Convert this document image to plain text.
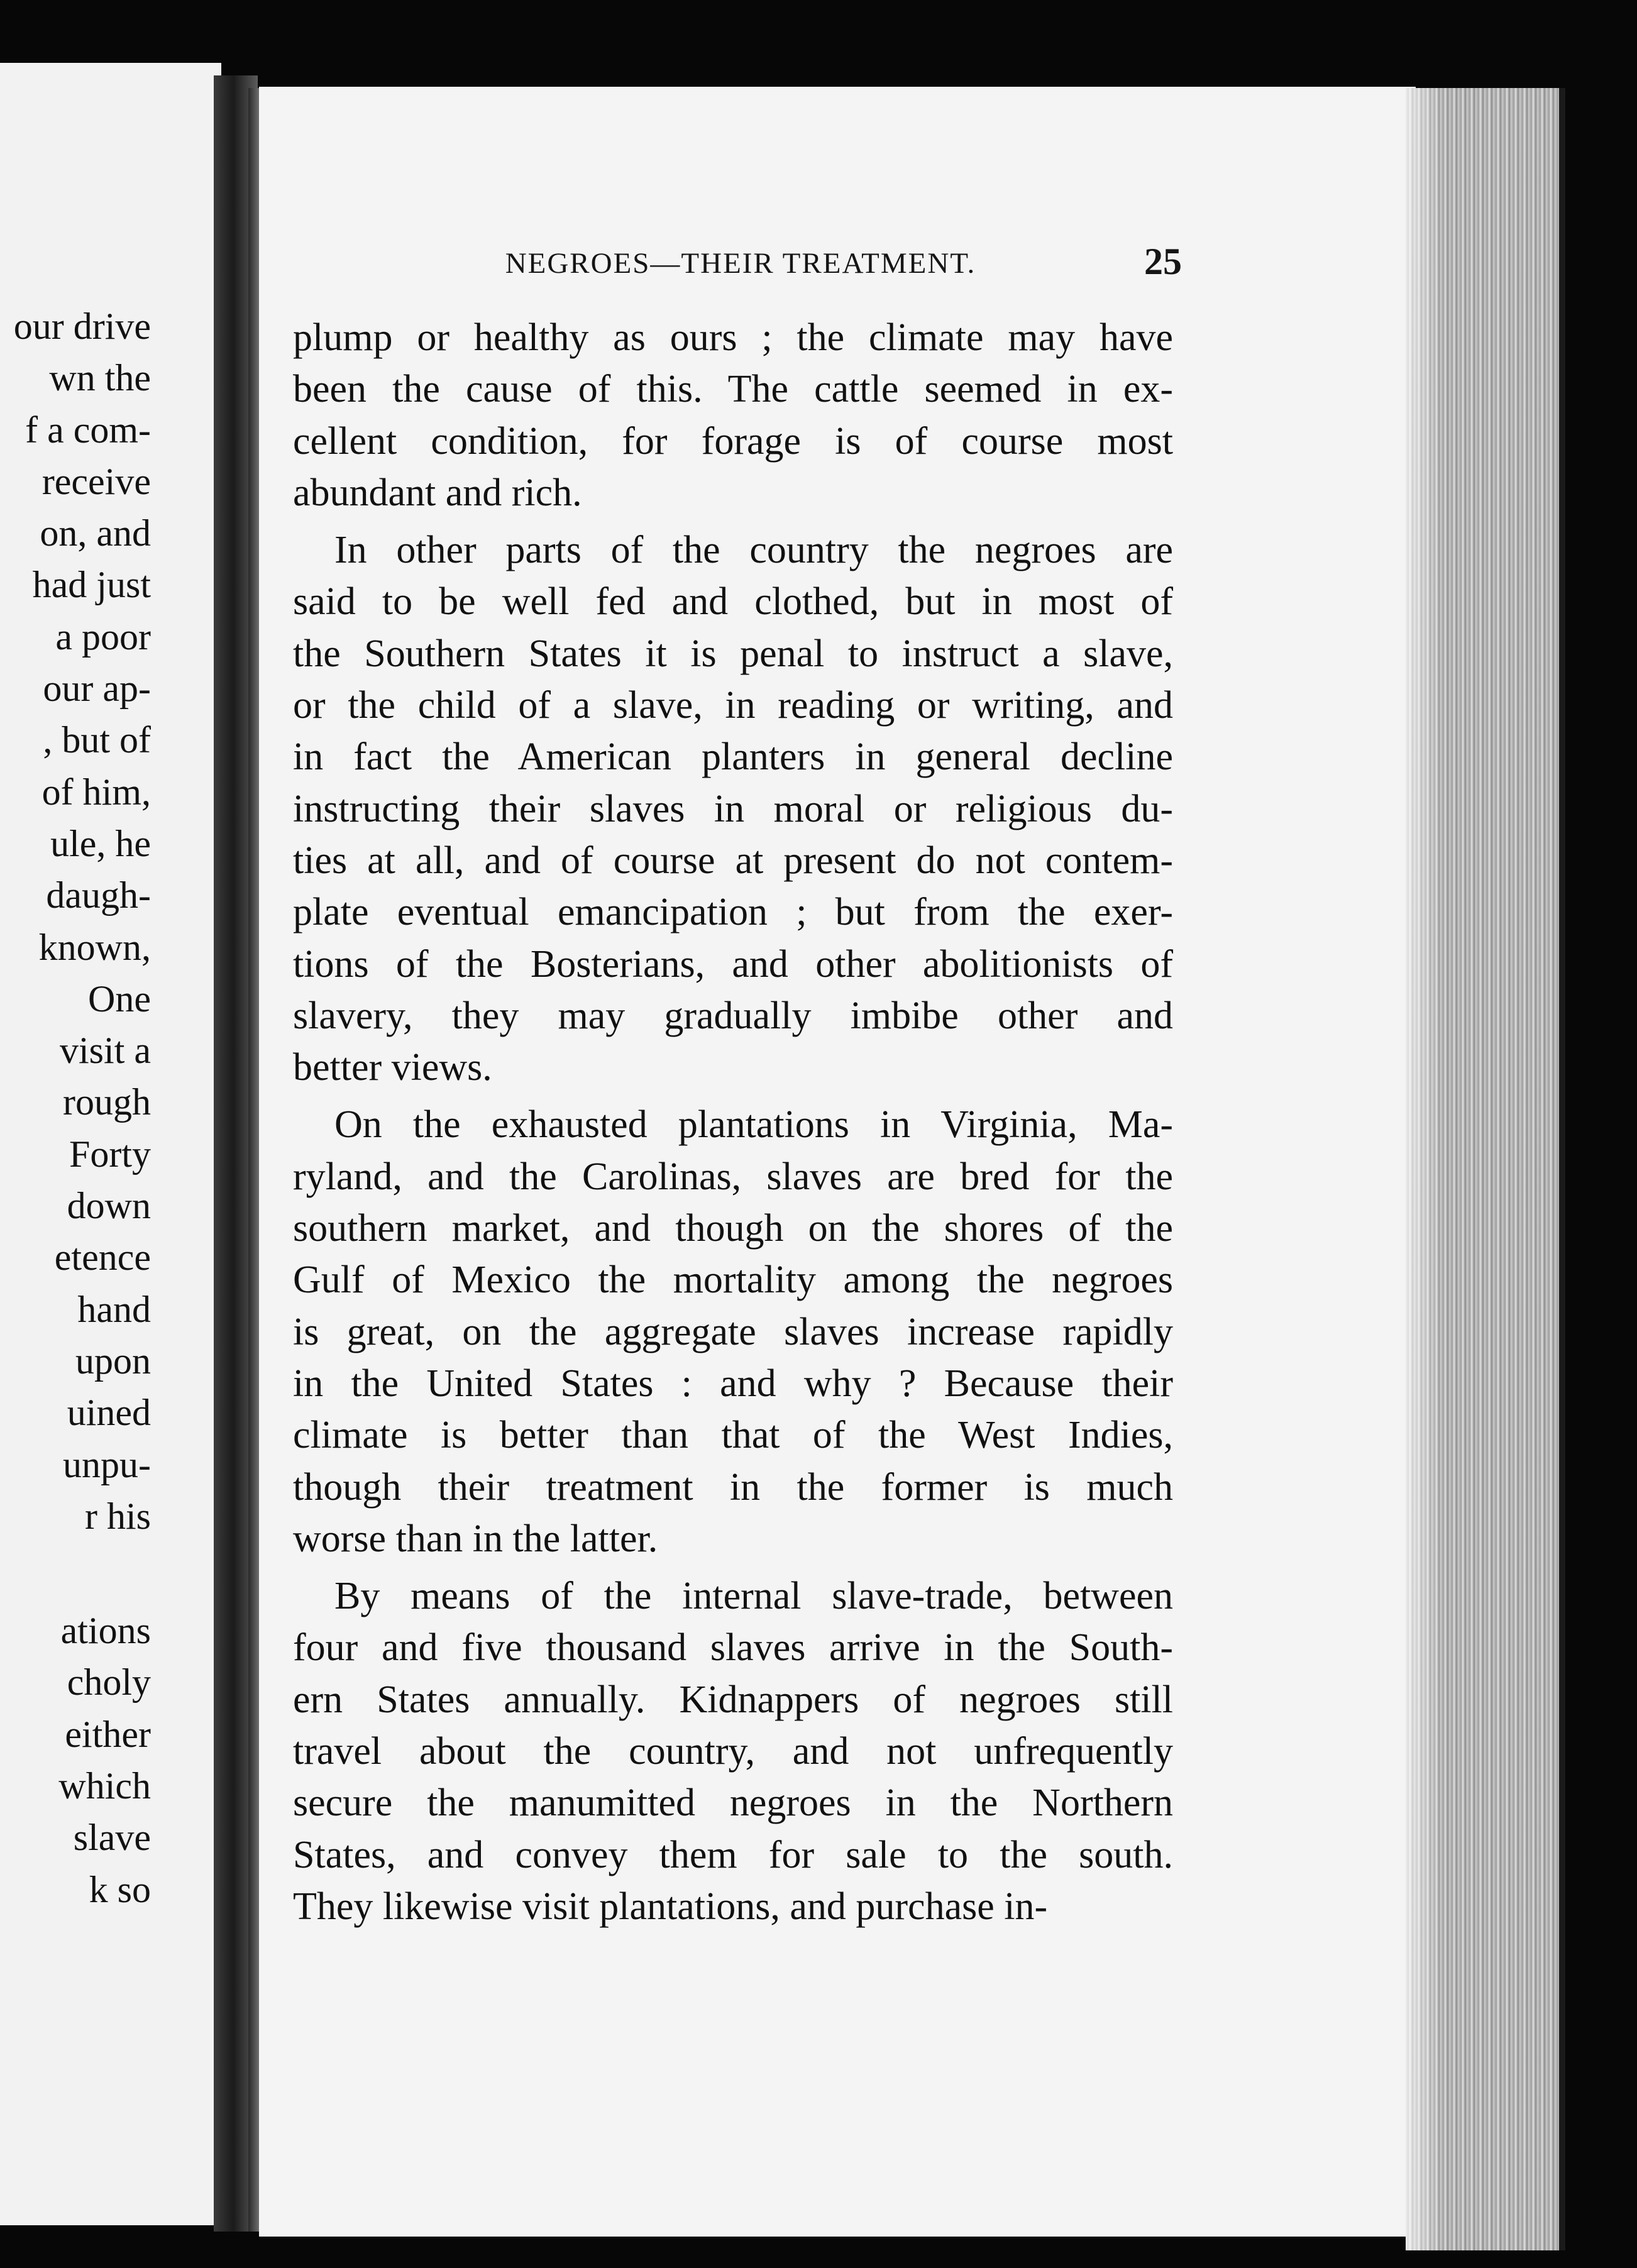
our drive
wn the
f a com-
receive
on, and
had just
a poor
our ap-
, but of
of him,
ule, he
daugh-
known,
One
visit a
rough
Forty
down
etence
hand
upon
uined
unpu-
r his
ations
choly
either
which
slave
k so
NEGROES—THEIR TREATMENT.	25
plump or healthy as ours ; the climate may have
been the cause of this. The cattle seemed in ex-
cellent condition, for forage is of course most
abundant and rich.
In other parts of the country the negroes are
said to be well fed and clothed, but in most of
the Southern States it is penal to instruct a slave,
or the child of a slave, in reading or writing, and
in fact the American planters in general decline
instructing their slaves in moral or religious du-
ties at all, and of course at present do not contem-
plate eventual emancipation ; but from the exer-
tions of the Bosterians, and other abolitionists of
slavery, they may gradually imbibe other and
better views.
On the exhausted plantations in Virginia, Ma-
ryland, and the Carolinas, slaves are bred for the
southern market, and though on the shores of the
Gulf of Mexico the mortality among the negroes
is great, on the aggregate slaves increase rapidly
in the United States : and why ? Because their
climate is better than that of the West Indies,
though their treatment in the former is much
worse than in the latter.
By means of the internal slave-trade, between
four and five thousand slaves arrive in the South-
ern States annually. Kidnappers of negroes still
travel about the country, and not unfrequently
secure the manumitted negroes in the Northern
States, and convey them for sale to the south.
They likewise visit plantations, and purchase in-
